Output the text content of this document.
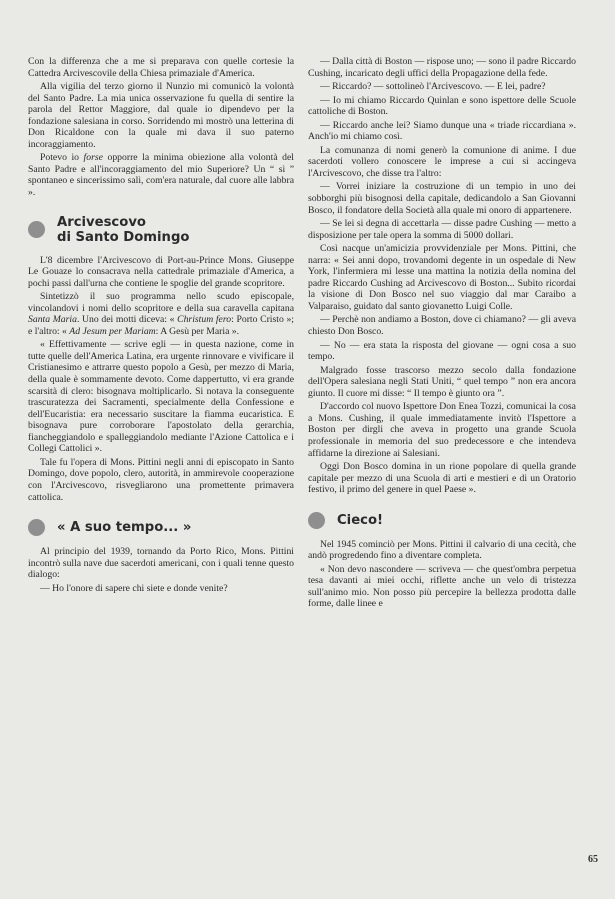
Con la differenza che a me si preparava con quelle cortesie la Cattedra Arcivescovile della Chiesa primaziale d'America.

Alla vigilia del terzo giorno il Nunzio mi comunicò la volontà del Santo Padre. La mia unica osservazione fu quella di sentire la parola del Rettor Maggiore, dal quale io dipendevo per la fondazione salesiana in corso. Sorridendo mi mostrò una letterina di Don Ricaldone con la quale mi dava il suo paterno incoraggiamento.

Potevo io forse opporre la minima obiezione alla volontà del Santo Padre e all'incoraggiamento del mio Superiore? Un “ sì ” spontaneo e sincerissimo salì, com'era naturale, dal cuore alle labbra ».

Arcivescovo
di Santo Domingo

L'8 dicembre l'Arcivescovo di Port-au-Prince Mons. Giuseppe Le Gouaze lo consacrava nella cattedrale primaziale d'America, a pochi passi dall'urna che contiene le spoglie del grande scopritore.

Sintetizzò il suo programma nello scudo episcopale, vincolandovi i nomi dello scopritore e della sua caravella capitana Santa Maria. Uno dei motti diceva: « Christum fero: Porto Cristo »; e l'altro: « Ad Jesum per Mariam: A Gesù per Maria ».

« Effettivamente — scrive egli — in questa nazione, come in tutte quelle dell'America Latina, era urgente rinnovare e vivificare il Cristianesimo e attrarre questo popolo a Gesù, per mezzo di Maria, della quale è sommamente devoto. Come dappertutto, vi era grande scarsità di clero: bisognava moltiplicarlo. Si notava la conseguente trascuratezza dei Sacramenti, specialmente della Confessione e dell'Eucaristia: era necessario suscitare la fiamma eucaristica. E bisognava pure corroborare l'apostolato della gerarchia, fiancheggiandolo e spalleggiandolo mediante l'Azione Cattolica e i Collegi Cattolici ».

Tale fu l'opera di Mons. Pittini negli anni di episcopato in Santo Domingo, dove popolo, clero, autorità, in ammirevole cooperazione con l'Arcivescovo, risvegliarono una promettente primavera cattolica.

« A suo tempo... »

Al principio del 1939, tornando da Porto Rico, Mons. Pittini incontrò sulla nave due sacerdoti americani, con i quali tenne questo dialogo:

— Ho l'onore di sapere chi siete e donde venite?

— Dalla città di Boston — rispose uno; — sono il padre Riccardo Cushing, incaricato degli uffici della Propagazione della fede.

— Riccardo? — sottolineò l'Arcivescovo. — E lei, padre?

— Io mi chiamo Riccardo Quinlan e sono ispettore delle Scuole cattoliche di Boston.

— Riccardo anche lei? Siamo dunque una « triade riccardiana ». Anch'io mi chiamo così.

La comunanza di nomi generò la comunione di anime. I due sacerdoti vollero conoscere le imprese a cui si accingeva l'Arcivescovo, che disse tra l'altro:

— Vorrei iniziare la costruzione di un tempio in uno dei sobborghi più bisognosi della capitale, dedicandolo a San Giovanni Bosco, il fondatore della Società alla quale mi onoro di appartenere.

— Se lei si degna di accettarla — disse padre Cushing — metto a disposizione per tale opera la somma di 5000 dollari.

Così nacque un'amicizia provvidenziale per Mons. Pittini, che narra: « Sei anni dopo, trovandomi degente in un ospedale di New York, l'infermiera mi lesse una mattina la notizia della nomina del padre Riccardo Cushing ad Arcivescovo di Boston... Subito ricordai la visione di Don Bosco nel suo viaggio dal mar Caraibo a Valparaiso, guidato dal santo giovanetto Luigi Colle.

— Perchè non andiamo a Boston, dove ci chiamano? — gli aveva chiesto Don Bosco.

— No — era stata la risposta del giovane — ogni cosa a suo tempo.

Malgrado fosse trascorso mezzo secolo dalla fondazione dell'Opera salesiana negli Stati Uniti, “ quel tempo ” non era ancora giunto. Il cuore mi disse: “ Il tempo è giunto ora ”.

D'accordo col nuovo Ispettore Don Enea Tozzi, comunicai la cosa a Mons. Cushing, il quale immediatamente invitò l'Ispettore a Boston per dirgli che aveva in progetto una grande Scuola professionale in memoria del suo predecessore e che intendeva affidarne la direzione ai Salesiani.

Oggi Don Bosco domina in un rione popolare di quella grande capitale per mezzo di una Scuola di arti e mestieri e di un Oratorio festivo, il primo del genere in quel Paese ».

Cieco!

Nel 1945 cominciò per Mons. Pittini il calvario di una cecità, che andò progredendo fino a diventare completa.

« Non devo nascondere — scriveva — che quest'ombra perpetua tesa davanti ai miei occhi, riflette anche un velo di tristezza sull'animo mio. Non posso più percepire la bellezza prodotta dalle forme, dalle linee e

65
